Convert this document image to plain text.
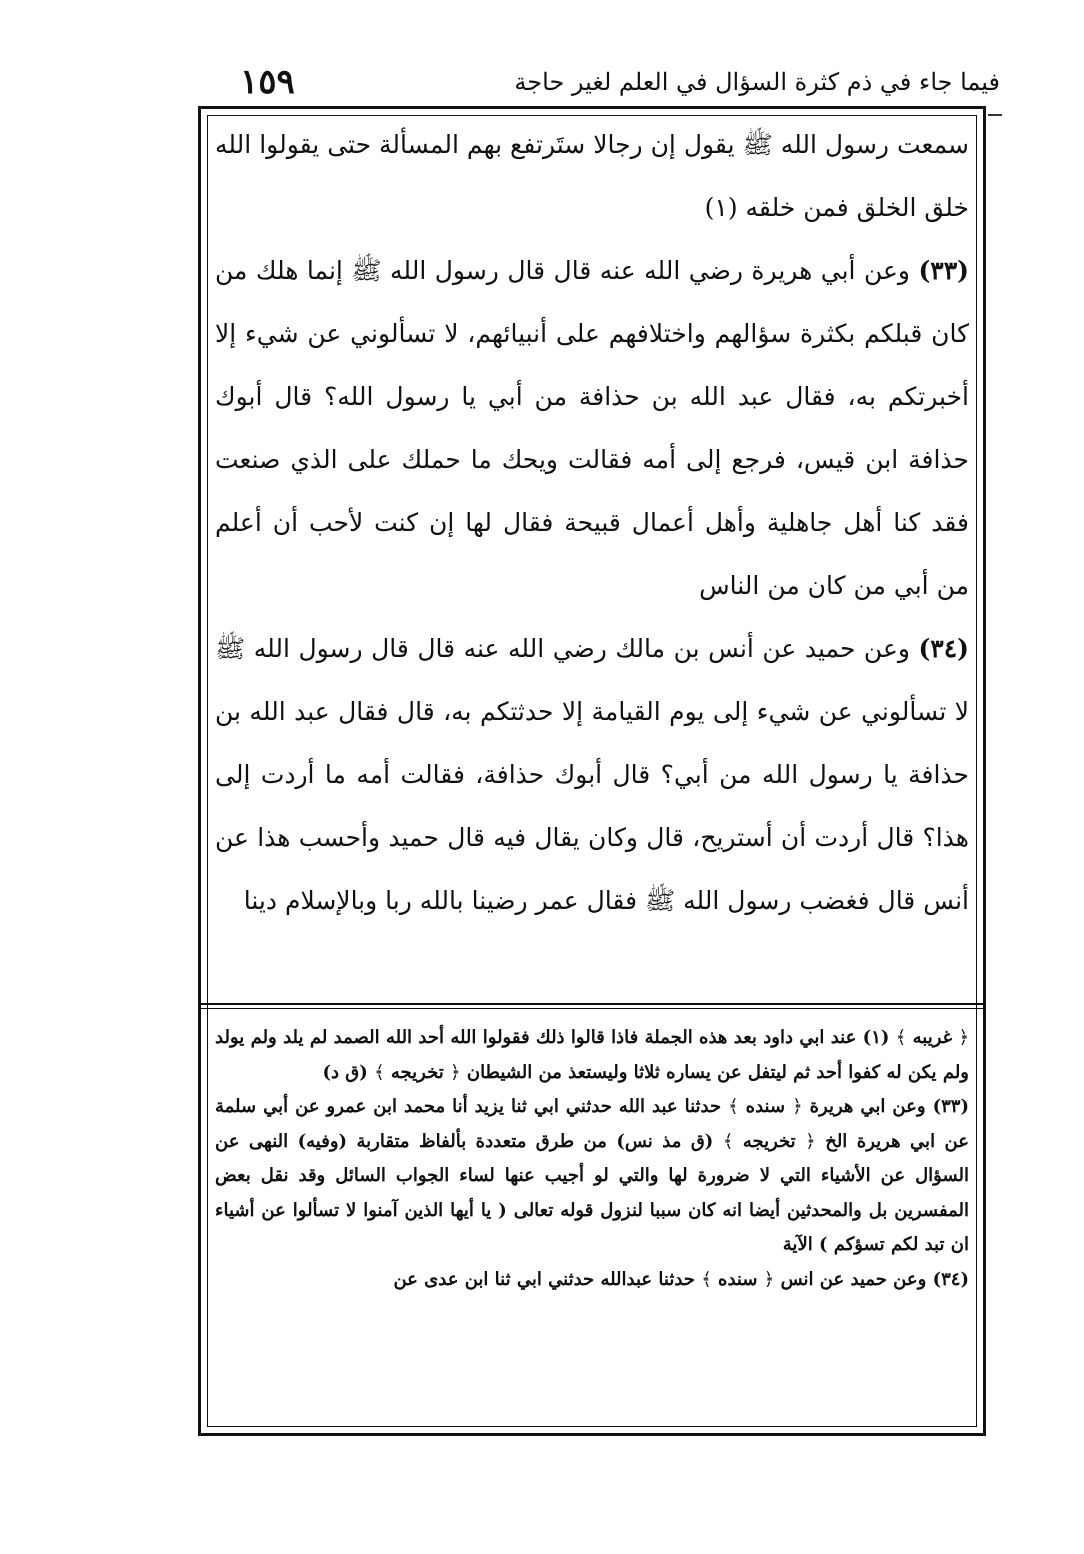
١٥٩	فيما جاء في ذم كثرة السؤال في العلم لغير حاجة

سمعت رسول الله ﷺ يقول إن رجالا ستَرتفع بهم المسألة حتى يقولوا الله خلق الخلق فمن خلقه (١)

(٣٣) وعن أبي هريرة رضي الله عنه قال قال رسول الله ﷺ إنما هلك من كان قبلكم بكثرة سؤالهم واختلافهم على أنبيائهم، لا تسألوني عن شيء إلا أخبرتكم به، فقال عبد الله بن حذافة من أبي يا رسول الله؟ قال أبوك حذافة ابن قيس، فرجع إلى أمه فقالت ويحك ما حملك على الذي صنعت فقد كنا أهل جاهلية وأهل أعمال قبيحة فقال لها إن كنت لأحب أن أعلم من أبي من كان من الناس

(٣٤) وعن حميد عن أنس بن مالك رضي الله عنه قال قال رسول الله ﷺ لا تسألوني عن شيء إلى يوم القيامة إلا حدثتكم به، قال فقال عبد الله بن حذافة يا رسول الله من أبي؟ قال أبوك حذافة، فقالت أمه ما أردت إلى هذا؟ قال أردت أن أستريح، قال وكان يقال فيه قال حميد وأحسب هذا عن أنس قال فغضب رسول الله ﷺ فقال عمر رضينا بالله ربا وبالإسلام دينا

﴿ غريبه ﴾ (١) عند ابي داود بعد هذه الجملة فاذا قالوا ذلك فقولوا الله أحد الله الصمد لم يلد ولم يولد ولم يكن له كفوا أحد ثم ليتفل عن يساره ثلاثا وليستعذ من الشيطان ﴿ تخريجه ﴾ (ق د)

(٣٣) وعن ابي هريرة ﴿ سنده ﴾ حدثنا عبد الله حدثني ابي ثنا يزيد أنا محمد ابن عمرو عن أبي سلمة عن ابي هريرة الخ ﴿ تخريجه ﴾ (ق مذ نس) من طرق متعددة بألفاظ متقاربة (وفيه) النهى عن السؤال عن الأشياء التي لا ضرورة لها والتي لو أجيب عنها لساء الجواب السائل وقد نقل بعض المفسرين بل والمحدثين أيضا انه كان سببا لنزول قوله تعالى ( يا أيها الذين آمنوا لا تسألوا عن أشياء ان تبد لكم تسؤكم ) الآية

(٣٤) وعن حميد عن انس ﴿ سنده ﴾ حدثنا عبدالله حدثني ابي ثنا ابن عدى عن
